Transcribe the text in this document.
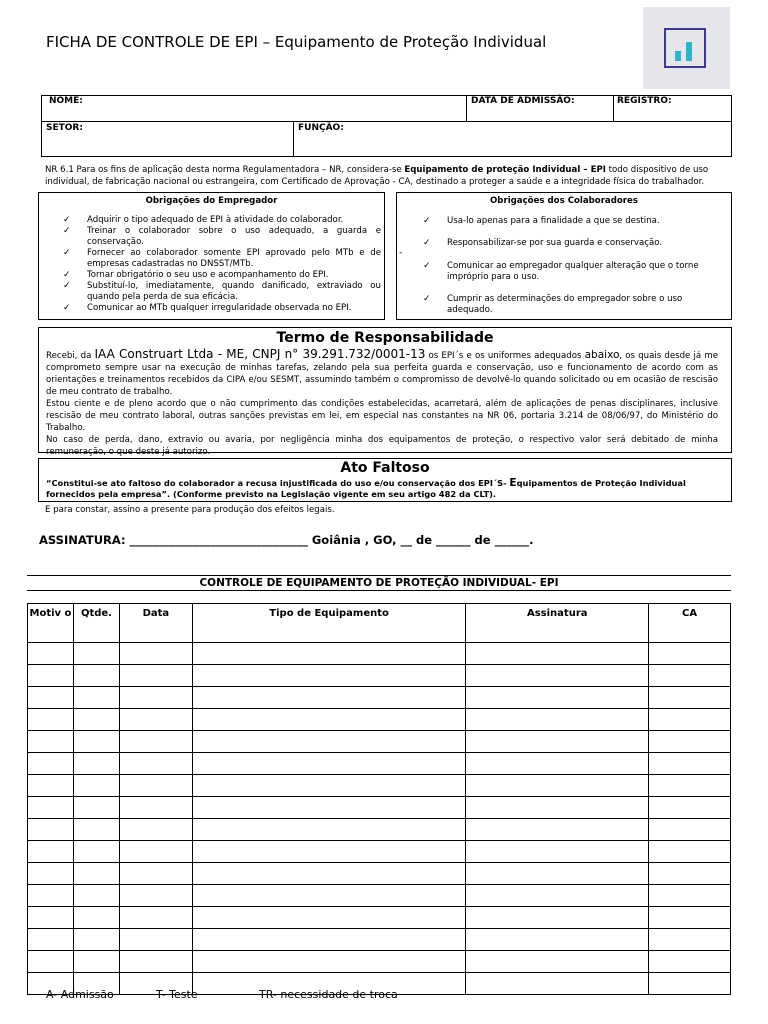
FICHA DE CONTROLE DE EPI – Equipamento de Proteção Individual
NOME:	DATA DE ADMISSÃO:	REGISTRO:
SETOR:	FUNÇÃO:
NR 6.1 Para os fins de aplicação desta norma Regulamentadora – NR, considera-se Equipamento de proteção Individual – EPI todo dispositivo de uso
individual, de fabricação nacional ou estrangeira, com Certificado de Aprovação - CA, destinado a proteger a saúde e a integridade física do trabalhador.
Obrigações do Empregador
✓ Adquirir o tipo adequado de EPI à atividade do colaborador.
✓ Treinar o colaborador sobre o uso adequado, a guarda e conservação.
✓ Fornecer ao colaborador somente EPI aprovado pelo MTb e de empresas cadastradas no DNSST/MTb.
✓ Tornar obrigatório o seu uso e acompanhamento do EPI.
✓ Substituí-lo, imediatamente, quando danificado, extraviado ou quando pela perda de sua eficácia.
✓ Comunicar ao MTb qualquer irregularidade observada no EPI.
-
Obrigações dos Colaboradores
✓ Usa-lo apenas para a finalidade a que se destina.
✓ Responsabilizar-se por sua guarda e conservação.
✓ Comunicar ao empregador qualquer alteração que o torne impróprio para o uso.
✓ Cumprir as determinações do empregador sobre o uso adequado.
Termo de Responsabilidade
Recebi, da IAA Construart Ltda - ME, CNPJ n° 39.291.732/0001-13 os EPI´s e os uniformes adequados abaixo, os quais desde já me comprometo sempre usar na execução de minhas tarefas, zelando pela sua perfeita guarda e conservação, uso e funcionamento de acordo com as orientações e treinamentos recebidos da CIPA e/ou SESMT, assumindo também o compromisso de devolvê-lo quando solicitado ou em ocasião de rescisão de meu contrato de trabalho.
Estou ciente e de pleno acordo que o não cumprimento das condições estabelecidas, acarretará, além de aplicações de penas disciplinares, inclusive rescisão de meu contrato laboral, outras sanções previstas em lei, em especial nas constantes na NR 06, portaria 3.214 de 08/06/97, do Ministério do Trabalho.
No caso de perda, dano, extravio ou avaria, por negligência minha dos equipamentos de proteção, o respectivo valor será debitado de minha remuneração, o que deste já autorizo.
Ato Faltoso
“Constitui-se ato faltoso do colaborador a recusa injustificada do uso e/ou conservação dos EPI´S- Equipamentos de Proteção Individual
fornecidos pela empresa”. (Conforme previsto na Legislação vigente em seu artigo 482 da CLT).
E para constar, assino a presente para produção dos efeitos legais.
ASSINATURA: _______________________________ Goiânia , GO, __ de ______ de ______.
CONTROLE DE EQUIPAMENTO DE PROTEÇÃO INDIVIDUAL- EPI
Motiv o	Qtde.	Data	Tipo de Equipamento	Assinatura	CA

A- Admissão	T- Teste	TR- necessidade de troca
